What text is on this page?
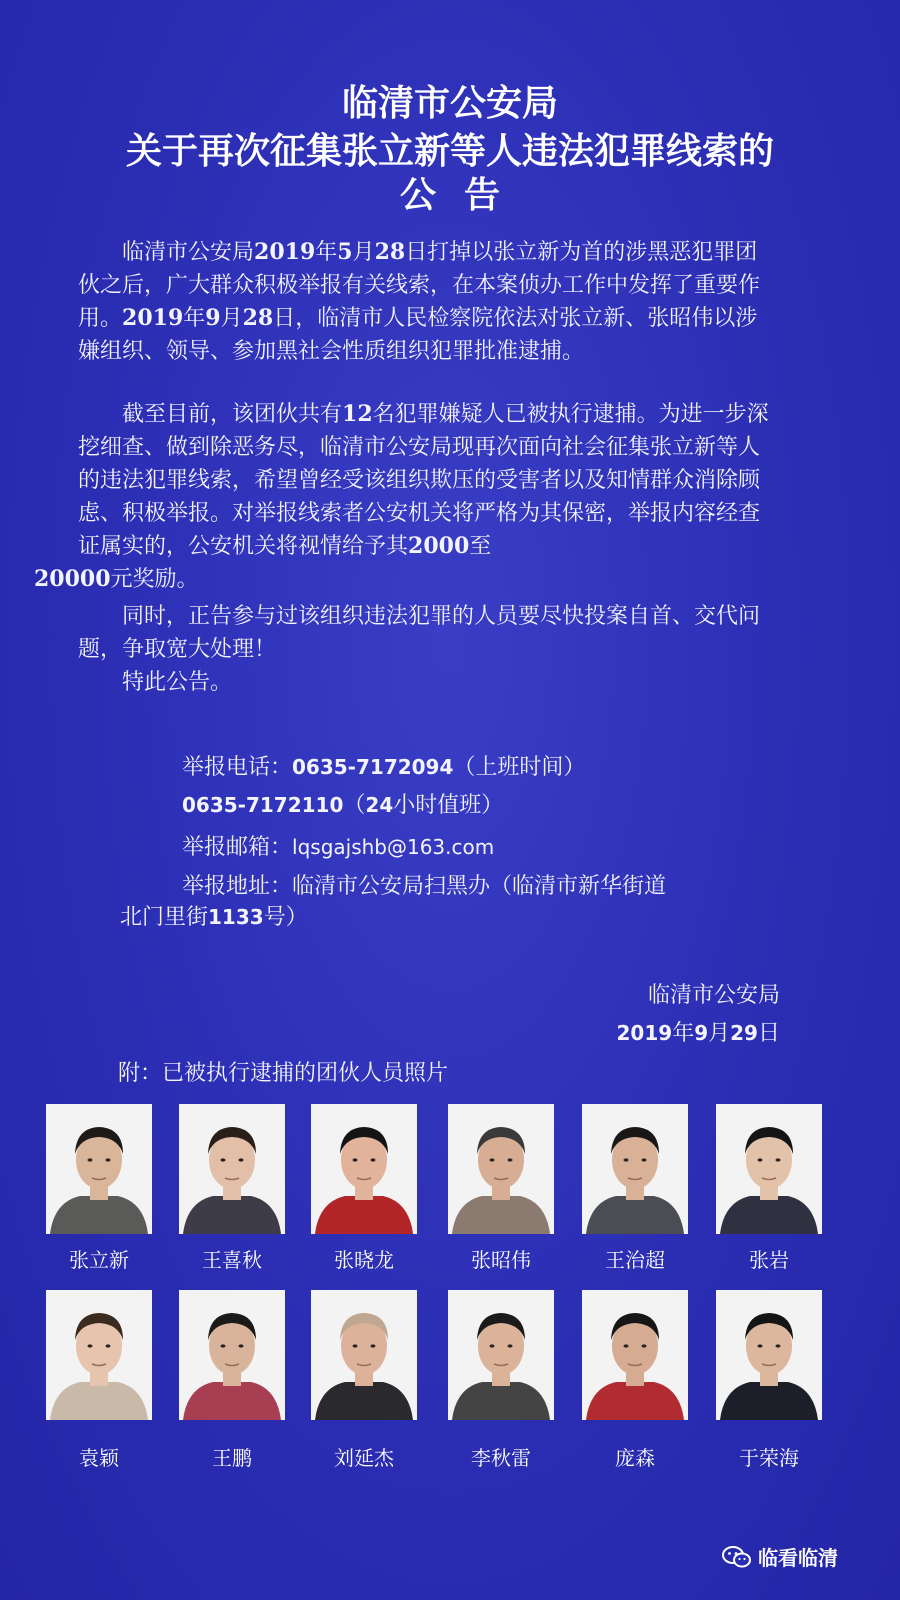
临清市公安局
关于再次征集张立新等人违法犯罪线索的
公告

临清市公安局2019年5月28日打掉以张立新为首的涉黑恶犯罪团伙之后，广大群众积极举报有关线索，在本案侦办工作中发挥了重要作用。2019年9月28日，临清市人民检察院依法对张立新、张昭伟以涉嫌组织、领导、参加黑社会性质组织犯罪批准逮捕。

截至目前，该团伙共有12名犯罪嫌疑人已被执行逮捕。为进一步深挖细查、做到除恶务尽，临清市公安局现再次面向社会征集张立新等人的违法犯罪线索，希望曾经受该组织欺压的受害者以及知情群众消除顾虑、积极举报。对举报线索者公安机关将严格为其保密，举报内容经查证属实的，公安机关将视情给予其2000至
20000元奖励。

同时，正告参与过该组织违法犯罪的人员要尽快投案自首、交代问题，争取宽大处理！

特此公告。

举报电话：0635-7172094（上班时间）
0635-7172110（24小时值班）
举报邮箱：lqsgajshb@163.com
举报地址：临清市公安局扫黑办（临清市新华街道
北门里街1133号）
临清市公安局
2019年9月29日
附：已被执行逮捕的团伙人员照片
张立新	王喜秋	张晓龙	张昭伟	王治超	张岩
袁颖	王鹏	刘延杰	李秋雷	庞森	于荣海
临看临清
